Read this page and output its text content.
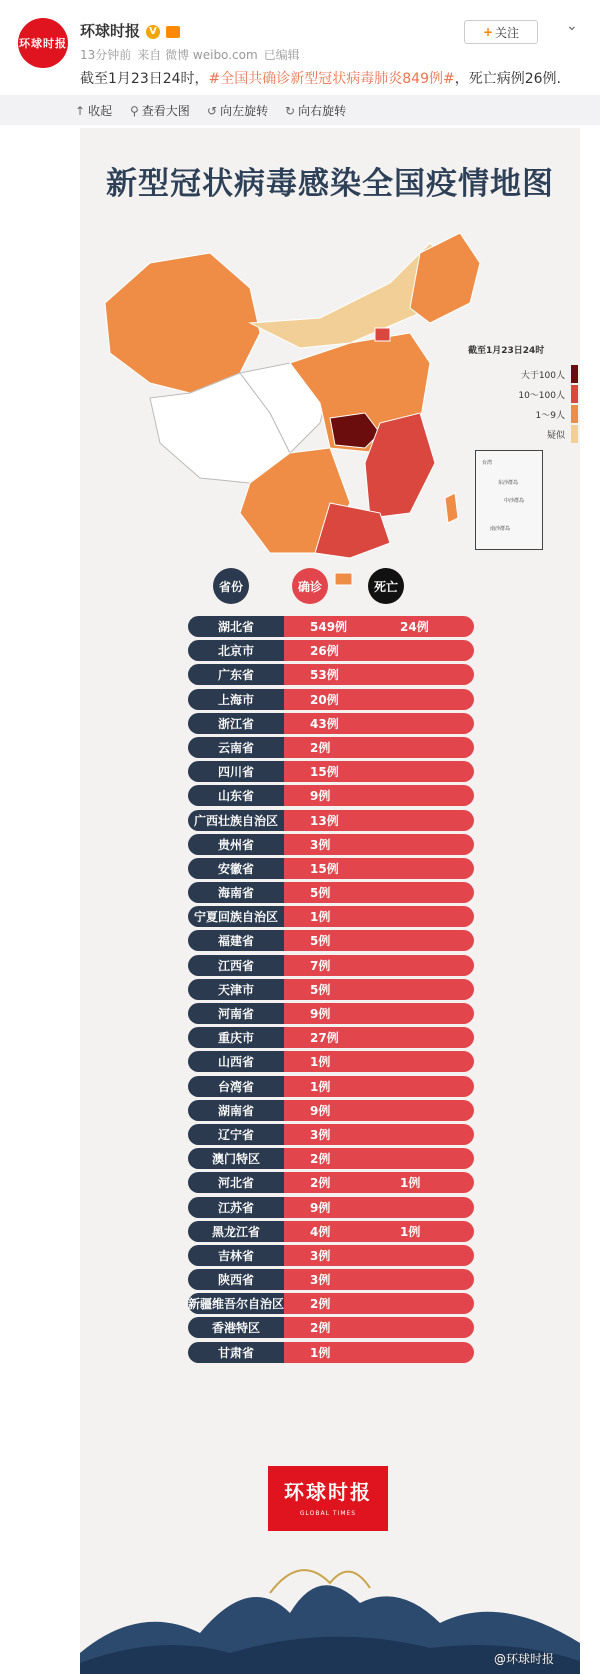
环球时报
环球时报 V
13分钟前 来自 微博 weibo.com 已编辑
截至1月23日24时，#全国共确诊新型冠状病毒肺炎849例#，死亡病例26例.
+ 关注	⌄
↑ 收起 ⚲ 查看大图 ↺ 向左旋转 ↻ 向右旋转
新型冠状病毒感染全国疫情地图
截至1月23日24时
大于100人
10～100人
1～9人
疑似
台湾
东沙群岛
中沙群岛
南沙群岛
省份	确诊	死亡
湖北省	549例	24例
北京市	26例
广东省	53例
上海市	20例
浙江省	43例
云南省	2例
四川省	15例
山东省	9例
广西壮族自治区	13例
贵州省	3例
安徽省	15例
海南省	5例
宁夏回族自治区	1例
福建省	5例
江西省	7例
天津市	5例
河南省	9例
重庆市	27例
山西省	1例
台湾省	1例
湖南省	9例
辽宁省	3例
澳门特区	2例
河北省	2例	1例
江苏省	9例
黑龙江省	4例	1例
吉林省	3例
陕西省	3例
新疆维吾尔自治区 2例
香港特区	2例
甘肃省	1例
环球时报
GLOBAL TIMES
@环球时报
